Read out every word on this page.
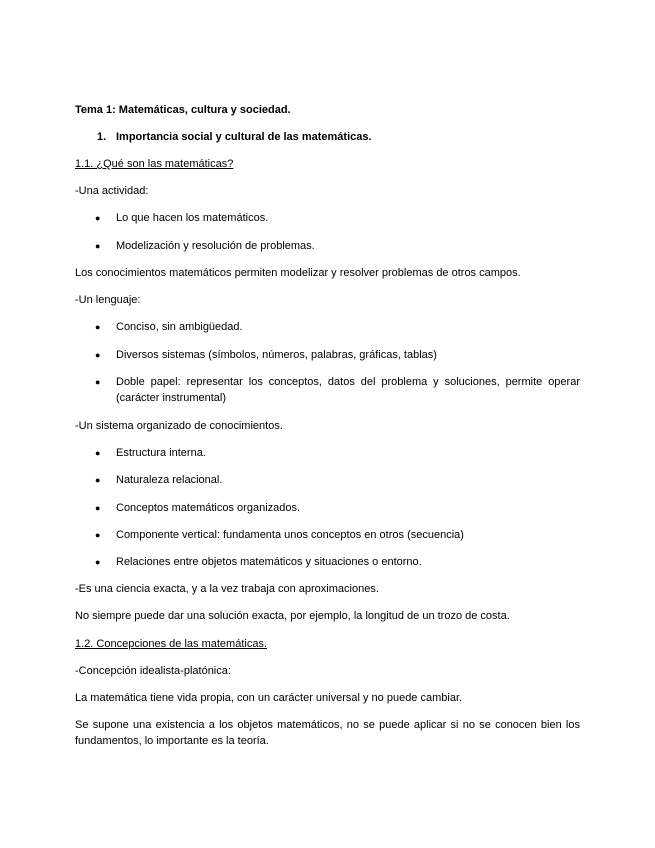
Tema 1: Matemáticas, cultura y sociedad.

1. Importancia social y cultural de las matemáticas.

1.1. ¿Qué son las matemáticas?

-Una actividad:

● Lo que hacen los matemáticos.

● Modelización y resolución de problemas.

Los conocimientos matemáticos permiten modelizar y resolver problemas de otros campos.

-Un lenguaje:

● Conciso, sin ambigüedad.

● Diversos sistemas (símbolos, números, palabras, gráficas, tablas)

● Doble papel: representar los conceptos, datos del problema y soluciones, permite operar (carácter instrumental)

-Un sistema organizado de conocimientos.

● Estructura interna.

● Naturaleza relacional.

● Conceptos matemáticos organizados.

● Componente vertical: fundamenta unos conceptos en otros (secuencia)

● Relaciones entre objetos matemáticos y situaciones o entorno.

-Es una ciencia exacta, y a la vez trabaja con aproximaciones.

No siempre puede dar una solución exacta, por ejemplo, la longitud de un trozo de costa.

1.2. Concepciones de las matemáticas.

-Concepción idealista-platónica:

La matemática tiene vida propia, con un carácter universal y no puede cambiar.

Se supone una existencia a los objetos matemáticos, no se puede aplicar si no se conocen bien los fundamentos, lo importante es la teoría.
